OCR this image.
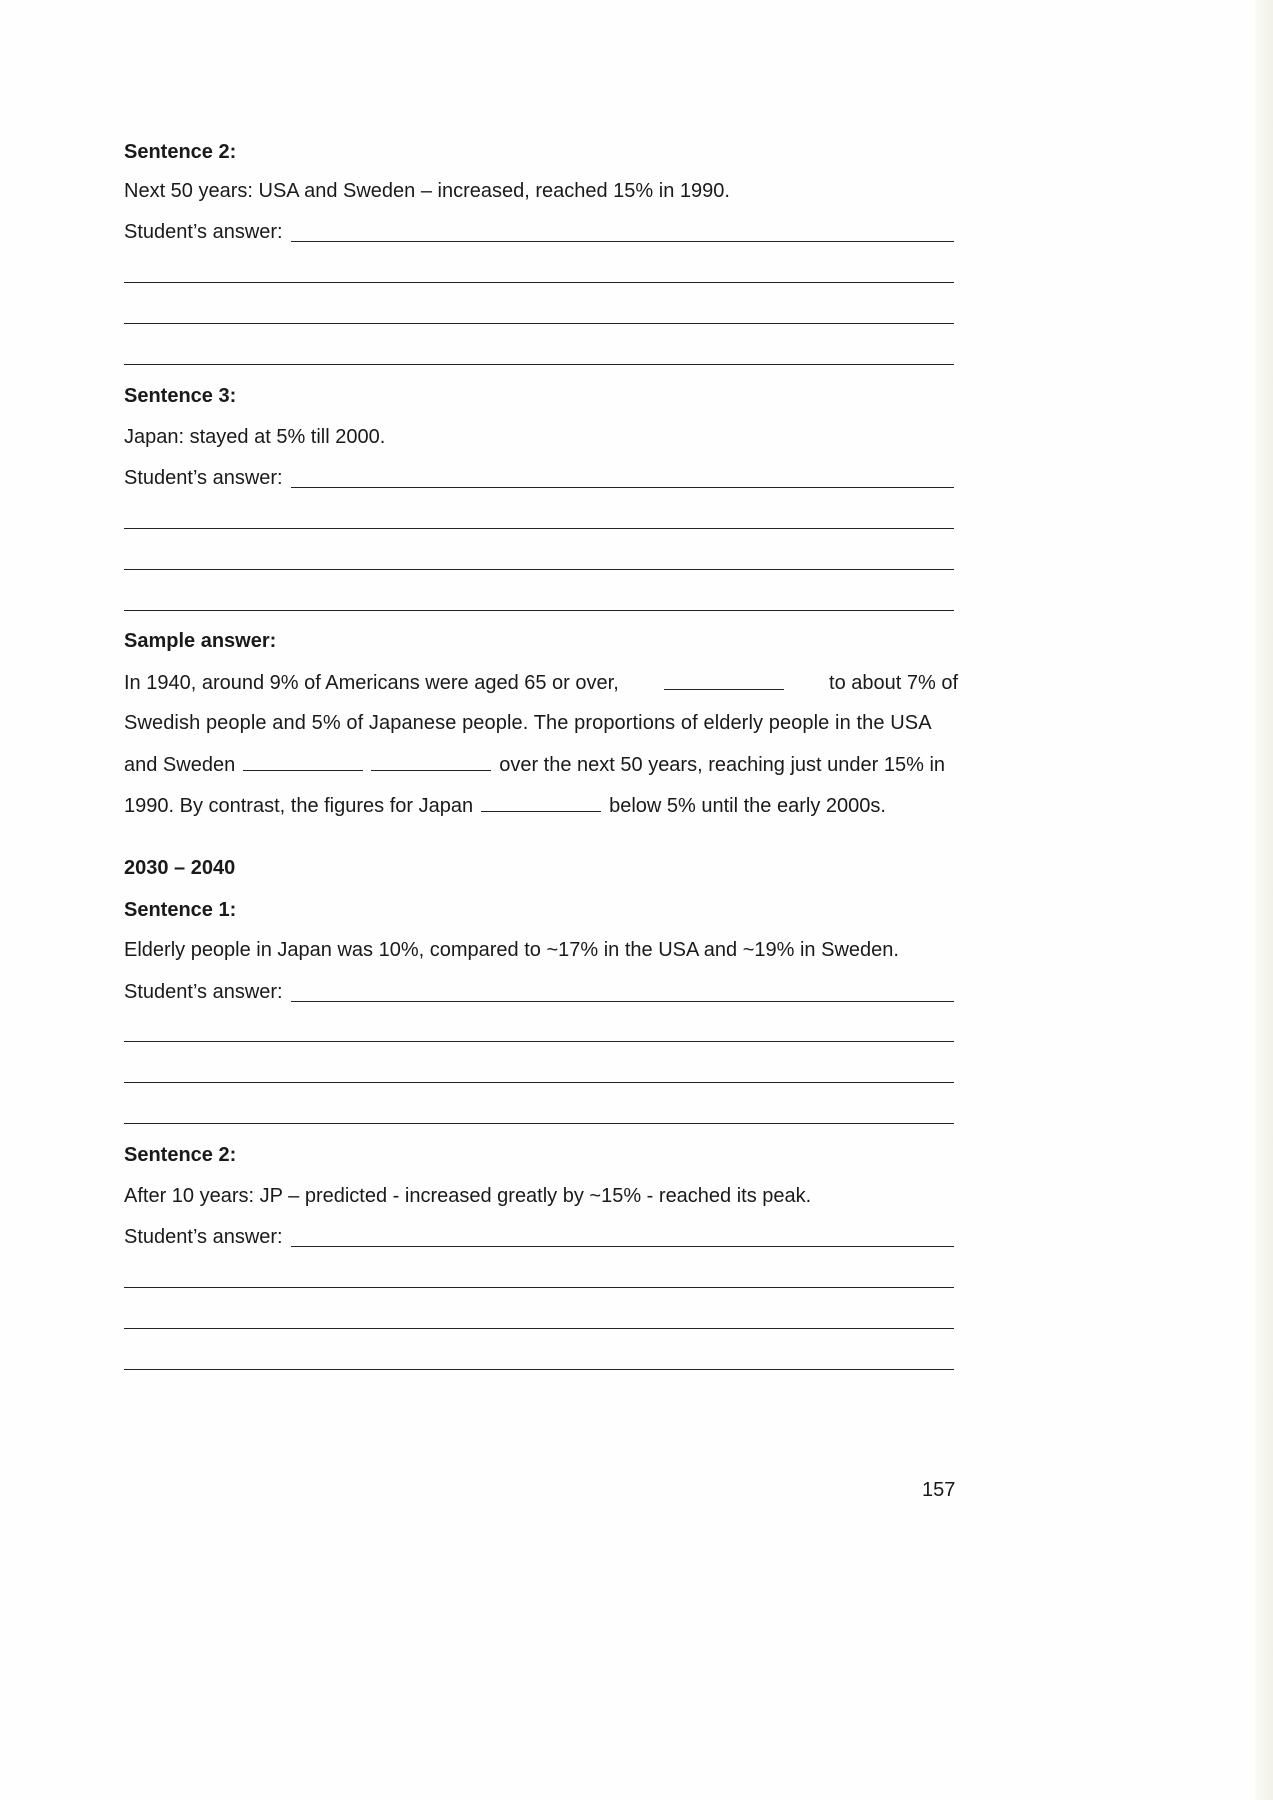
Sentence 2:
Next 50 years: USA and Sweden – increased, reached 15% in 1990.
Student’s answer:
Sentence 3:
Japan: stayed at 5% till 2000.
Student’s answer:
Sample answer:
In 1940, around 9% of Americans were aged 65 or over,	to about 7% of
Swedish people and 5% of Japanese people. The proportions of elderly people in the USA
and Sweden	over the next 50 years, reaching just under 15% in
1990. By contrast, the figures for Japan	below 5% until the early 2000s.
2030 – 2040
Sentence 1:
Elderly people in Japan was 10%, compared to ~17% in the USA and ~19% in Sweden.
Student’s answer:
Sentence 2:
After 10 years: JP – predicted - increased greatly by ~15% - reached its peak.
Student’s answer:
157
